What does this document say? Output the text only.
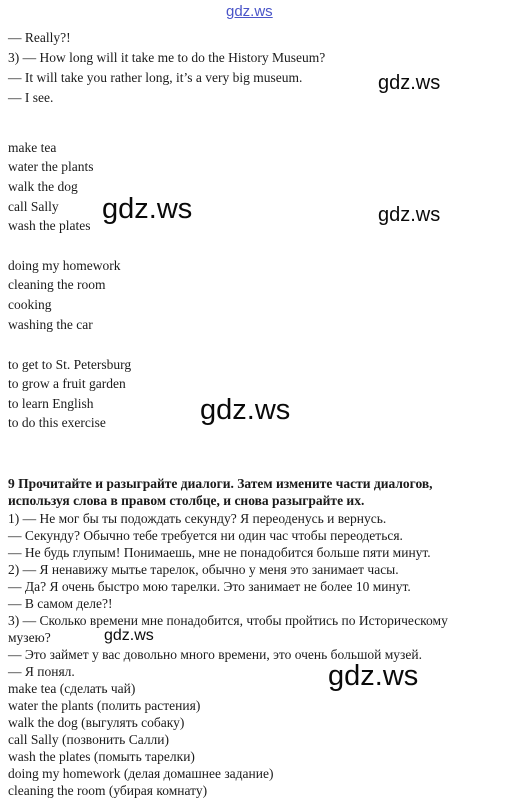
gdz.ws
gdz.ws
gdz.ws	gdz.ws
gdz.ws
gdz.ws
gdz.ws
— Really?!
3) — How long will it take me to do the History Museum?
— It will take you rather long, it’s a very big museum.
— I see.
make tea
water the plants
walk the dog
call Sally
wash the plates
doing my homework
cleaning the room
cooking
washing the car
to get to St. Petersburg
to grow a fruit garden
to learn English
to do this exercise
9 Прочитайте и разыграйте диалоги. Затем измените части диалогов,
используя слова в правом столбце, и снова разыграйте их.
1) — Не мог бы ты подождать секунду? Я переоденусь и вернусь.
— Секунду? Обычно тебе требуется ни один час чтобы переодеться.
— Не будь глупым! Понимаешь, мне не понадобится больше пяти минут.
2) — Я ненавижу мытье тарелок, обычно у меня это занимает часы.
— Да? Я очень быстро мою тарелки. Это занимает не более 10 минут.
— В самом деле?!
3) — Сколько времени мне понадобится, чтобы пройтись по Историческому
музею?
— Это займет у вас довольно много времени, это очень большой музей.
— Я понял.
make tea (сделать чай)
water the plants (полить растения)
walk the dog (выгулять собаку)
call Sally (позвонить Салли)
wash the plates (помыть тарелки)
doing my homework (делая домашнее задание)
cleaning the room (убирая комнату)
